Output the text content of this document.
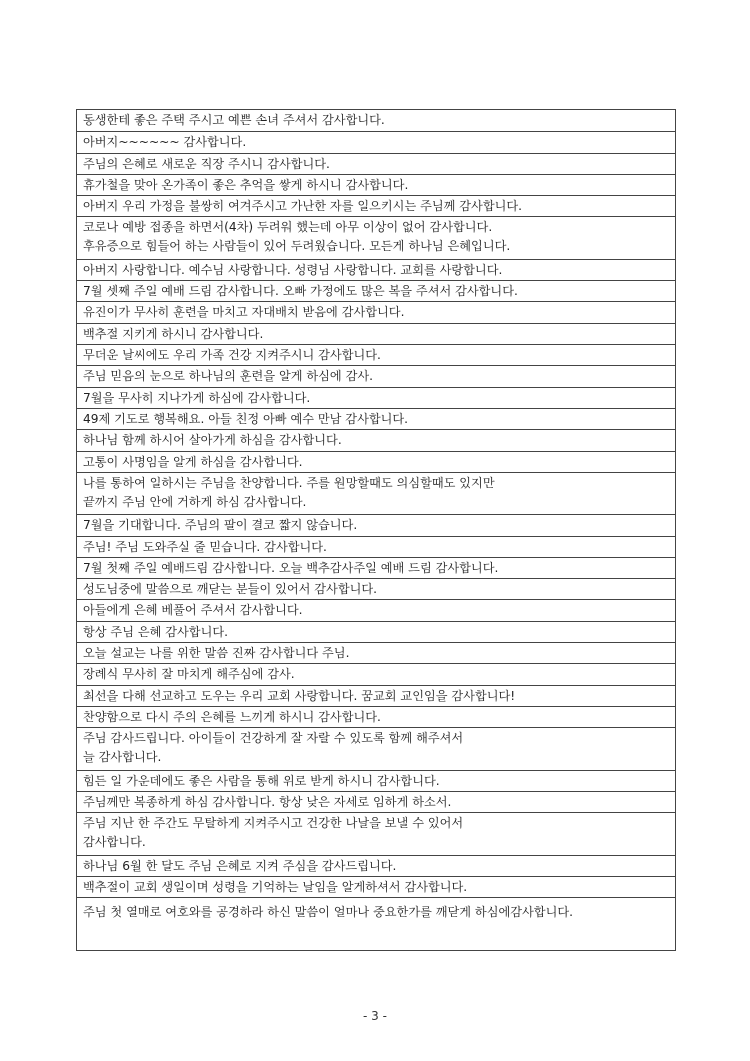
동생한테 좋은 주택 주시고 예쁜 손녀 주셔서 감사합니다.
아버지~~~~~~ 감사합니다.
주님의 은혜로 새로운 직장 주시니 감사합니다.
휴가철을 맞아 온가족이 좋은 추억을 쌓게 하시니 감사합니다.
아버지 우리 가정을 불쌍히 여겨주시고 가난한 자를 일으키시는 주님께 감사합니다.
코로나 예방 접종을 하면서(4차) 두려워 했는데 아무 이상이 없어 감사합니다.
후유증으로 힘들어 하는 사람들이 있어 두려웠습니다. 모든게 하나님 은혜입니다.
아버지 사랑합니다. 예수님 사랑합니다. 성령님 사랑합니다. 교회를 사랑합니다.
7월 셋째 주일 예배 드림 감사합니다. 오빠 가정에도 많은 복을 주셔서 감사합니다.
유진이가 무사히 훈련을 마치고 자대배치 받음에 감사합니다.
백추절 지키게 하시니 감사합니다.
무더운 날씨에도 우리 가족 건강 지켜주시니 감사합니다.
주님 믿음의 눈으로 하나님의 훈련을 알게 하심에 감사.
7월을 무사히 지나가게 하심에 감사합니다.
49제 기도로 행복해요. 아들 친정 아빠 예수 만남 감사합니다.
하나님 함께 하시어 살아가게 하심을 감사합니다.
고통이 사명임을 알게 하심을 감사합니다.
나를 통하여 일하시는 주님을 찬양합니다. 주를 원망할때도 의심할때도 있지만
끝까지 주님 안에 거하게 하심 감사합니다.
7월을 기대합니다. 주님의 팔이 결코 짧지 않습니다.
주님! 주님 도와주실 줄 믿습니다. 감사합니다.
7월 첫째 주일 예배드림 감사합니다. 오늘 백추감사주일 예배 드림 감사합니다.
성도님중에 말씀으로 깨닫는 분들이 있어서 감사합니다.
아들에게 은혜 베풀어 주셔서 감사합니다.
항상 주님 은혜 감사합니다.
오늘 설교는 나를 위한 말씀 진짜 감사합니다 주님.
장례식 무사히 잘 마치게 해주심에 감사.
최선을 다해 선교하고 도우는 우리 교회 사랑합니다. 꿈교회 교인임을 감사합니다!
찬양함으로 다시 주의 은혜를 느끼게 하시니 감사합니다.
주님 감사드립니다. 아이들이 건강하게 잘 자랄 수 있도록 함께 해주셔서
늘 감사합니다.
힘든 일 가운데에도 좋은 사람을 통해 위로 받게 하시니 감사합니다.
주님께만 복종하게 하심 감사합니다. 항상 낮은 자세로 임하게 하소서.
주님 지난 한 주간도 무탈하게 지켜주시고 건강한 나날을 보낼 수 있어서
감사합니다.
하나님 6월 한 달도 주님 은혜로 지켜 주심을 감사드립니다.
백추절이 교회 생일이며 성령을 기억하는 날임을 알게하셔서 감사합니다.
주님 첫 열매로 여호와를 공경하라 하신 말씀이 얼마나 중요한가를 깨닫게 하심에감사합니다.
- 3 -
